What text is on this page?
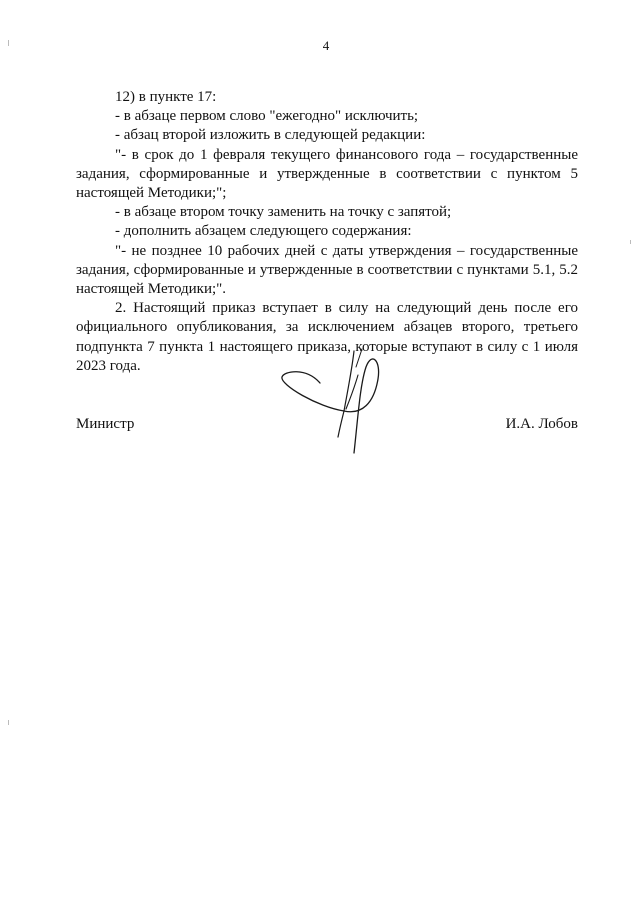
4

12) в пункте 17:

- в абзаце первом слово "ежегодно" исключить;

- абзац второй изложить в следующей редакции:

"- в срок до 1 февраля текущего финансового года – государственные задания, сформированные и утвержденные в соответствии с пунктом 5 настоящей Методики;";

- в абзаце втором точку заменить на точку с запятой;

- дополнить абзацем следующего содержания:

"- не позднее 10 рабочих дней с даты утверждения – государственные задания, сформированные и утвержденные в соответствии с пунктами 5.1, 5.2 настоящей Методики;".

2. Настоящий приказ вступает в силу на следующий день после его официального опубликования, за исключением абзацев второго, третьего подпункта 7 пункта 1 настоящего приказа, которые вступают в силу с 1 июля 2023 года.

Министр	И.А. Лобов
